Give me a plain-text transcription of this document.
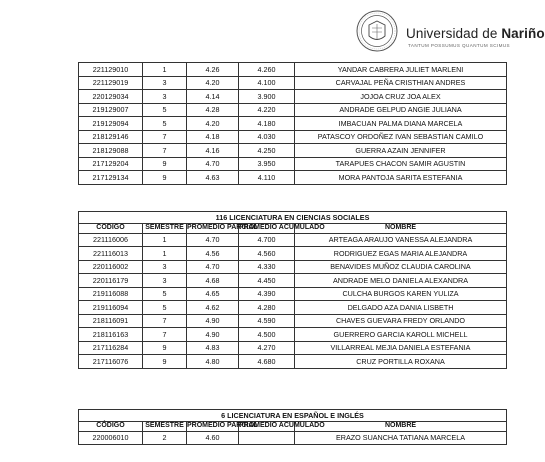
Universidad de Nariño
TANTUM POSSUMUS QUANTUM SCIMUS
221129010	1	4.26	4.260	YANDAR CABRERA JULIET MARLENI
221129019	3	4.20	4.100	CARVAJAL PEÑA CRISTHIAN ANDRES
220129034	3	4.14	3.900	JOJOA CRUZ JOA ALEX
219129007	5	4.28	4.220	ANDRADE GELPUD ANGIE JULIANA
219129094	5	4.20	4.180	IMBACUAN PALMA DIANA MARCELA
218129146	7	4.18	4.030	PATASCOY ORDOÑEZ IVAN SEBASTIAN CAMILO
218129088	7	4.16	4.250	GUERRA AZAIN JENNIFER
217129204	9	4.70	3.950	TARAPUES CHACON SAMIR AGUSTIN
217129134	9	4.63	4.110	MORA PANTOJA SARITA ESTEFANIA
116 LICENCIATURA EN CIENCIAS SOCIALES				
CODIGO	SEMESTRE	PROMEDIO PARCIAL	PROMEDIO ACUMULADO	NOMBRE
221116006	1	4.70	4.700	ARTEAGA ARAUJO VANESSA ALEJANDRA
221116013	1	4.56	4.560	RODRIGUEZ EGAS MARIA ALEJANDRA
220116002	3	4.70	4.330	BENAVIDES MUÑOZ CLAUDIA CAROLINA
220116179	3	4.68	4.450	ANDRADE MELO DANIELA ALEXANDRA
219116088	5	4.65	4.390	CULCHA BURGOS KAREN YULIZA
219116094	5	4.62	4.280	DELGADO AZA DANIA LISBETH
218116091	7	4.90	4.590	CHAVES GUEVARA FREDY ORLANDO
218116163	7	4.90	4.500	GUERRERO GARCIA KAROLL MICHELL
217116284	9	4.83	4.270	VILLARREAL MEJIA DANIELA ESTEFANIA
217116076	9	4.80	4.680	CRUZ PORTILLA ROXANA
6 LICENCIATURA EN ESPAÑOL E INGLÉS				
CÓDIGO	SEMESTRE	PROMEDIO PARCIAL	PROMEDIO ACUMULADO	NOMBRE
220006010	2	4.60		ERAZO SUANCHA TATIANA MARCELA
